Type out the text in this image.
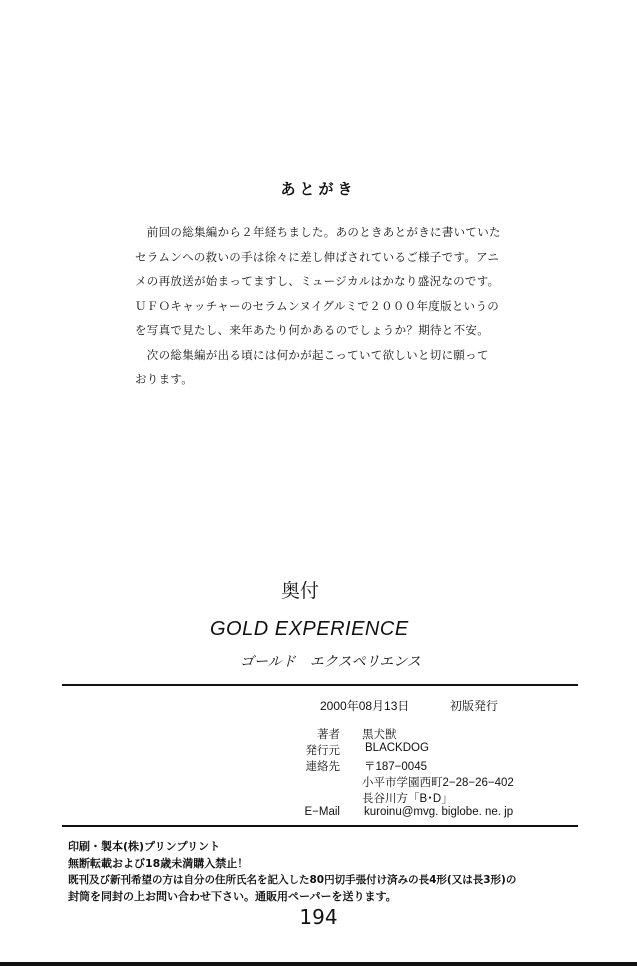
あとがき
　前回の総集編から２年経ちました。あのときあとがきに書いていた
セラムンへの救いの手は徐々に差し伸ばされているご様子です。アニ
メの再放送が始まってますし、ミュージカルはかなり盛況なのです。
ＵＦＯキャッチャーのセラムンヌイグルミで２０００年度版というの
を写真で見たし、来年あたり何かあるのでしょうか？期待と不安。
　次の総集編が出る頃には何かが起こっていて欲しいと切に願って
おります。
奥付
GOLD EXPERIENCE
ゴールド　エクスペリエンス
2000年08月13日	初版発行
著者 黒犬獣
発行元 BLACKDOG
連絡先 〒187−0045
小平市学園西町2−28−26−402
長谷川方「B･D」
E−Mail kuroinu@mvg. biglobe. ne. jp
印刷・製本(株)プリンプリント
無断転載および18歳未満購入禁止！
既刊及び新刊希望の方は自分の住所氏名を記入した80円切手張付け済みの長4形(又は長3形)の
封筒を同封の上お問い合わせ下さい。通販用ペーパーを送ります。
194
